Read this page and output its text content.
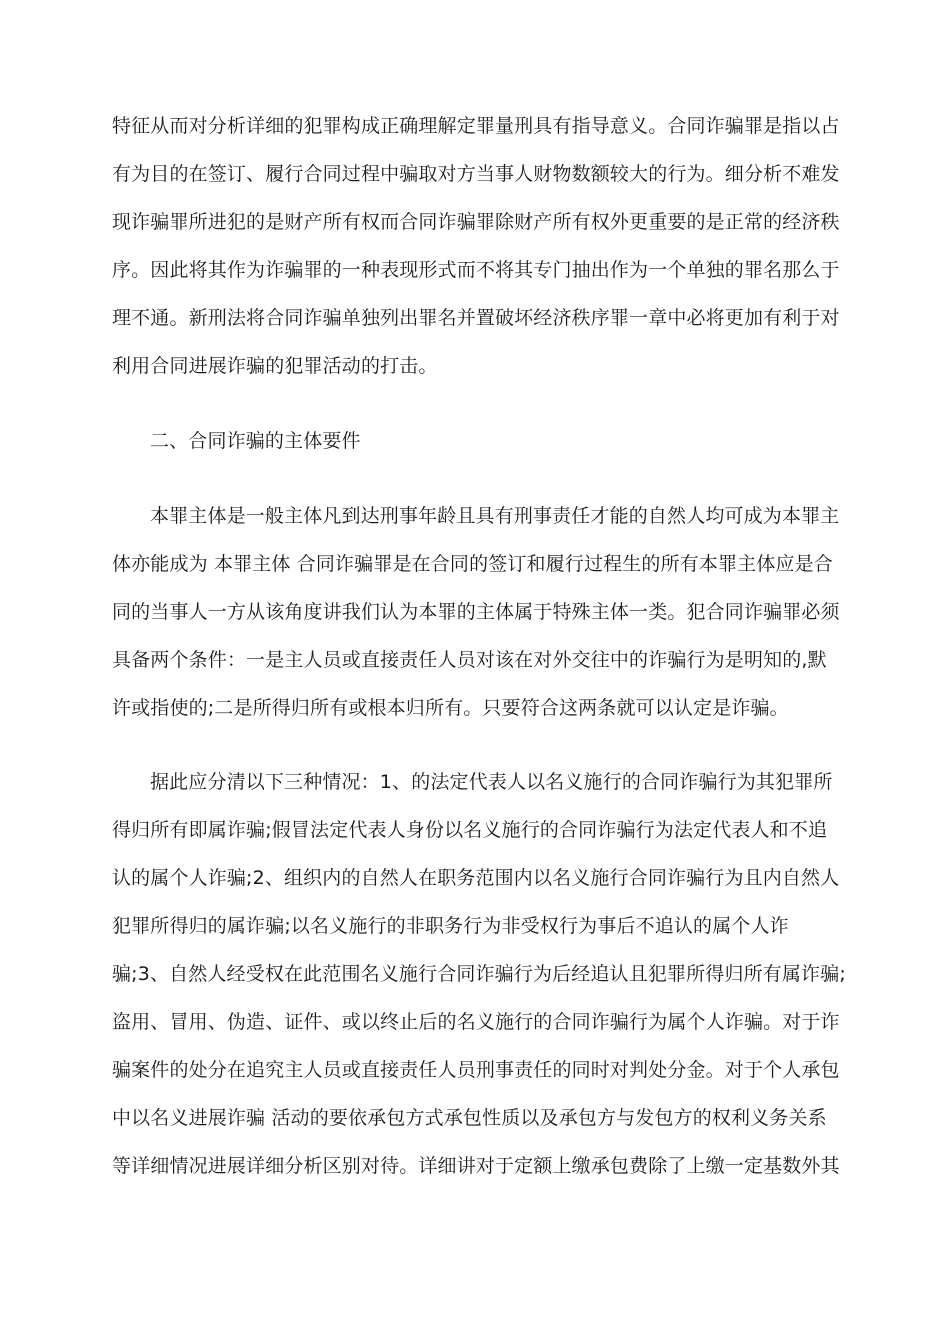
特征从而对分析详细的犯罪构成正确理解定罪量刑具有指导意义。合同诈骗罪是指以占
有为目的在签订、履行合同过程中骗取对方当事人财物数额较大的行为。细分析不难发
现诈骗罪所进犯的是财产所有权而合同诈骗罪除财产所有权外更重要的是正常的经济秩
序。因此将其作为诈骗罪的一种表现形式而不将其专门抽出作为一个单独的罪名那么于
理不通。新刑法将合同诈骗单独列出罪名并置破坏经济秩序罪一章中必将更加有利于对
利用合同进展诈骗的犯罪活动的打击。
二、合同诈骗的主体要件
本罪主体是一般主体凡到达刑事年龄且具有刑事责任才能的自然人均可成为本罪主
体亦能成为 本罪主体 合同诈骗罪是在合同的签订和履行过程生的所有本罪主体应是合
同的当事人一方从该角度讲我们认为本罪的主体属于特殊主体一类。犯合同诈骗罪必须
具备两个条件：一是主人员或直接责任人员对该在对外交往中的诈骗行为是明知的,默
许或指使的;二是所得归所有或根本归所有。只要符合这两条就可以认定是诈骗。
据此应分清以下三种情况：1、的法定代表人以名义施行的合同诈骗行为其犯罪所
得归所有即属诈骗;假冒法定代表人身份以名义施行的合同诈骗行为法定代表人和不追
认的属个人诈骗;2、组织内的自然人在职务范围内以名义施行合同诈骗行为且内自然人
犯罪所得归的属诈骗;以名义施行的非职务行为非受权行为事后不追认的属个人诈
骗;3、自然人经受权在此范围名义施行合同诈骗行为后经追认且犯罪所得归所有属诈骗;
盗用、冒用、伪造、证件、或以终止后的名义施行的合同诈骗行为属个人诈骗。对于诈
骗案件的处分在追究主人员或直接责任人员刑事责任的同时对判处分金。对于个人承包
中以名义进展诈骗 活动的要依承包方式承包性质以及承包方与发包方的权利义务关系
等详细情况进展详细分析区别对待。详细讲对于定额上缴承包费除了上缴一定基数外其
